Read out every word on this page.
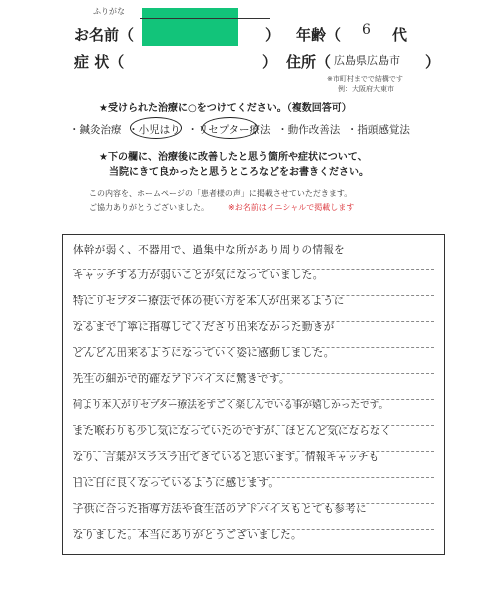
ふりがな
お名前（	） 年齢（ 6 代
症 状（	） 住所（ 広島県広島市 ）
※市町村までで結構です
例：大阪府大東市
★受けられた治療に○をつけてください。（複数回答可）
・鍼灸治療 ・小児はり ・リセプター療法 ・動作改善法 ・指頭感覚法
★下の欄に、治療後に改善したと思う箇所や症状について、
当院にきて良かったと思うところなどをお書きください。
この内容を、ホームページの「患者様の声」に掲載させていただきます。
ご協力ありがとうございました。 ※お名前はイニシャルで掲載します
体幹が弱く、不器用で、過集中な所があり周りの情報を
キャッチする力が弱いことが気になっていました。
特にリセプター療法で体の使い方を本人が出来るように
なるまで丁寧に指導してくださり出来なかった動きが
どんどん出来るようになっていく姿に感動しました。
先生の細かで的確なアドバイスに驚きです。
何より本人がリセプター療法をすごく楽しんでいる事が嬉しかったです。
また喉わりも少し気になっていたのですが、ほとんど気にならなく
なり、言葉がスラスラ出てきていると思います。情報キャッチも
日に日に良くなっているように感じます。
子供に合った指導方法や食生活のアドバイスもとても参考に
なりました。本当にありがとうございました。
